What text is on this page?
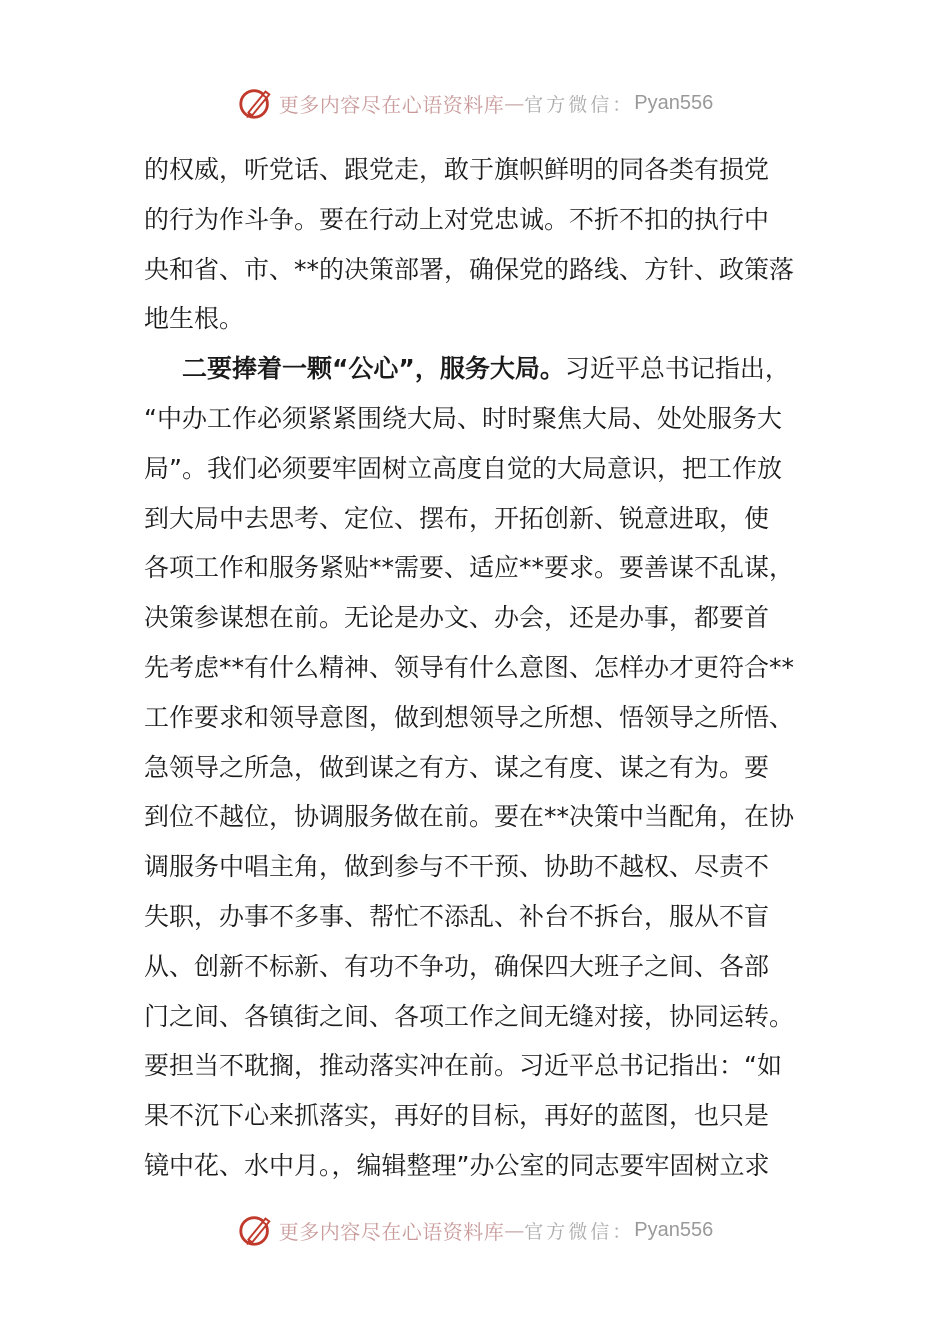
更多内容尽在心语资料库 — 官方微信： Pyan556
的权威，听党话、跟党走，敢于旗帜鲜明的同各类有损党
的行为作斗争。要在行动上对党忠诚。不折不扣的执行中
央和省、市、**的决策部署，确保党的路线、方针、政策落
地生根。
二要捧着一颗“公心”，服务大局。习近平总书记指出，
“中办工作必须紧紧围绕大局、时时聚焦大局、处处服务大
局”。我们必须要牢固树立高度自觉的大局意识，把工作放
到大局中去思考、定位、摆布，开拓创新、锐意进取，使
各项工作和服务紧贴**需要、适应**要求。要善谋不乱谋，
决策参谋想在前。无论是办文、办会，还是办事，都要首
先考虑**有什么精神、领导有什么意图、怎样办才更符合**
工作要求和领导意图，做到想领导之所想、悟领导之所悟、
急领导之所急，做到谋之有方、谋之有度、谋之有为。要
到位不越位，协调服务做在前。要在**决策中当配角，在协
调服务中唱主角，做到参与不干预、协助不越权、尽责不
失职，办事不多事、帮忙不添乱、补台不拆台，服从不盲
从、创新不标新、有功不争功，确保四大班子之间、各部
门之间、各镇街之间、各项工作之间无缝对接，协同运转。
要担当不耽搁，推动落实冲在前。习近平总书记指出：“如
果不沉下心来抓落实，再好的目标，再好的蓝图，也只是
镜中花、水中月。，编辑整理”办公室的同志要牢固树立求
更多内容尽在心语资料库 — 官方微信： Pyan556
